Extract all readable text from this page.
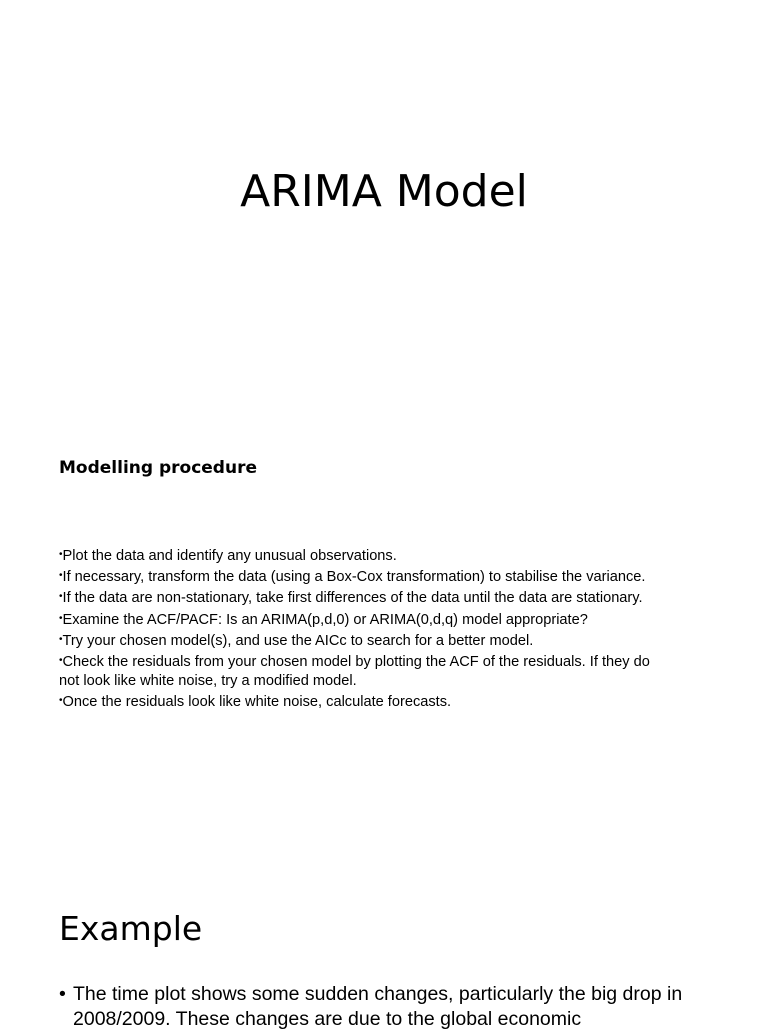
ARIMA Model
Modelling procedure
•Plot the data and identify any unusual observations.
•If necessary, transform the data (using a Box-Cox transformation) to stabilise the variance.
•If the data are non-stationary, take first differences of the data until the data are stationary.
•Examine the ACF/PACF: Is an ARIMA(p,d,0) or ARIMA(0,d,q) model appropriate?
•Try your chosen model(s), and use the AICc to search for a better model.
•Check the residuals from your chosen model by plotting the ACF of the residuals. If they do not look like white noise, try a modified model.
•Once the residuals look like white noise, calculate forecasts.
Example
• The time plot shows some sudden changes, particularly the big drop in 2008/2009. These changes are due to the global economic
